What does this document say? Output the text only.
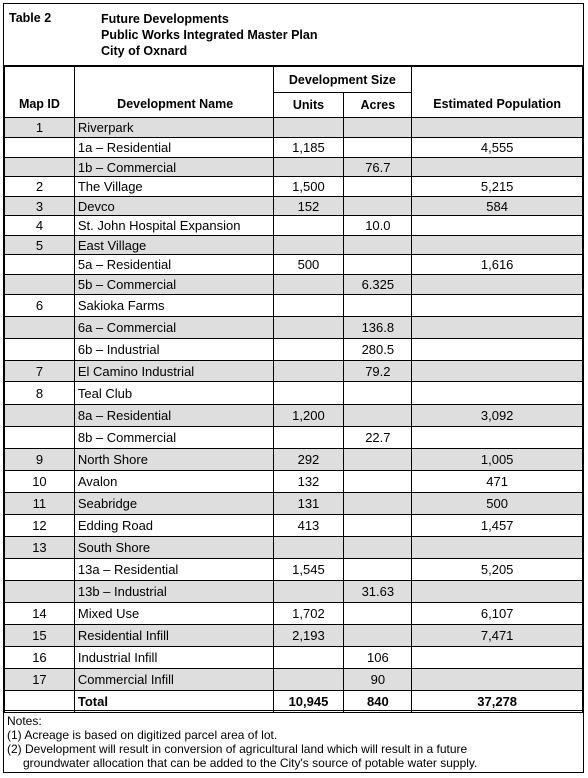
Table 2	Future Developments
Public Works Integrated Master Plan
City of Oxnard
Map ID	Development Name	Development Size		Estimated Population
		Units	Acres	
1	Riverpark			
	1a – Residential	1,185		4,555
	1b – Commercial		76.7	
2	The Village	1,500		5,215
3	Devco	152		584
4	St. John Hospital Expansion		10.0	
5	East Village			
	5a – Residential	500		1,616
	5b – Commercial		6.325	
6	Sakioka Farms			
	6a – Commercial		136.8	
	6b – Industrial		280.5	
7	El Camino Industrial		79.2	
8	Teal Club			
	8a – Residential	1,200		3,092
	8b – Commercial		22.7	
9	North Shore	292		1,005
10	Avalon	132		471
11	Seabridge	131		500
12	Edding Road	413		1,457
13	South Shore			
	13a – Residential	1,545		5,205
	13b – Industrial		31.63	
14	Mixed Use	1,702		6,107
15	Residential Infill	2,193		7,471
16	Industrial Infill		106	
17	Commercial Infill		90	
	Total	10,945	840	37,278
Notes:
(1) Acreage is based on digitized parcel area of lot.
(2) Development will result in conversion of agricultural land which will result in a future
groundwater allocation that can be added to the City's source of potable water supply.
